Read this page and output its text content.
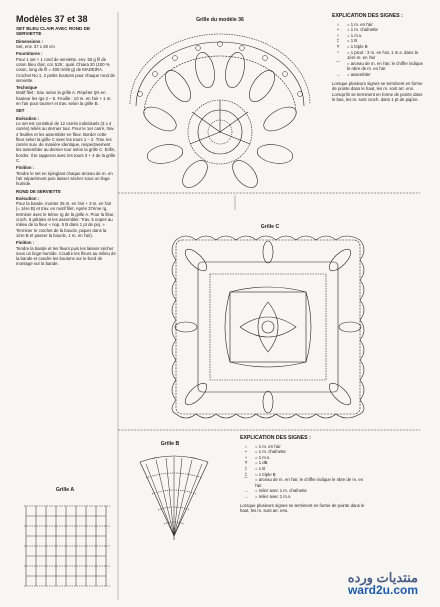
Modèles 37 et 38
SET BLEU CLAIR AVEC ROND DE SERVIETTE
Dimensions :

Set, env. 37 x 28 cm

Fournitures :

Pour 1 set + 1 rond de serviette, env. 50 g fil de coton bleu clair, col. 529 ; qual. Chiara 20 (100 % coton, long de fil = 400 m/50 g) de MADEIRA. Crochet No 1, 2 petits boutons pour chaque rond de serviette.

Technique

Motif filet : trav. selon la grille A. Répéter tjrs en hauteur les rgs 2 – 5. Feuille : 10 m. en l'air + 1 m. en l'air pour tourner et trav. selon la grille B.

SET
Exécution :

Le set est constitué de 12 carrés individuels (3 x 4 carrés) reliés au dernier tour. Pour le 1er carré, trav. 4 feuilles et les assembler en fleur. Border cette fleur selon la grille C avec les tours 1 – 2. Trav. les carrés suiv. de manière identique, respectivement les assembler au dernier tour selon la grille C. Enfin, border. Il te rapperon avec les tours 3 + 4 de la grille C.

Finition :

Tendre le set en épinglant chaque arceau de m. en l'air séparément puis laisser sécher sous un linge humide.

ROND DE SERVIETTE
Exécution :

Pour la bande, monter 25 m. en l'air + 3 m. en l'air (= 1ère B) et trav. en motif filet. Après 37ème rg, terminer avec le 6ème rg de la grille A. Pour la fleur, croch. 5 pétales et les assembler. Trav. 5 nopes au milieu de la fleur « nop. 5 B dans 1 pt de piq. » Terminer le crochet de la boucle, piquer dans la 1ère B et passer la boucle, 1 m. en l'air).

Finition :

Tendre la bande et les fleurs puis les laisser sécher sous un linge humide. Coudre les fleurs au milieu de la bande et coudre les boutons sur le bord de montage sur la bande.

Grille du modèle 36
Grille C
Grille B
Grille A
EXPLICATION DES SIGNES :
○	= 1 m. en l'air
•	= 1 m. chaînette
+	= 1 m.s.
‡	= 1 B
Ŧ	= 1 triple B
ᴖ	= 1 picot : 3 m. en l'air, 1 m.s. dans la 1ère m. en l'air
⌒	= arceau de m. en l'air, le chiffre indique le nbre de m. en l'air
→	= assembler
Lorsque plusieurs signes se terminent en forme de pointe dans le haut, les m. sont arr. ens. Lorsqu'ils se terminent en forme de pointe dans le bas, les m. sont croch. dans 1 pt de piqûre.
EXPLICATION DES SIGNES :
○	= 1 m. en l'air
•	= 1 m. chaînette
+	= 1 m.s.
Ŧ	= 1 dB
‡	= 1 B
‡	= 1 triple B
⌒	= arceau de m. en l'air, le chiffre indique le nbre de m. en l'air
→	= relier avec 1 m. chaînette
→	= relier avec 1 m.s.
Lorsque plusieurs signes se terminent en forme de pointe dans le haut, les m. sont arr. ens.
منتديات ورده
ward2u.com
